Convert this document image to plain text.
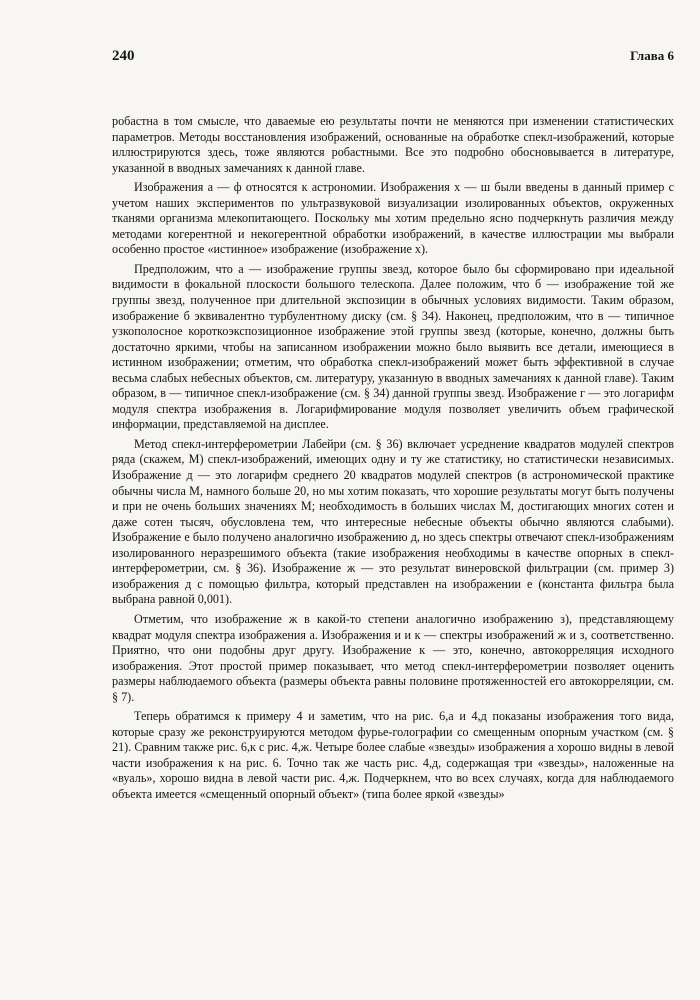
240	Глава 6

робастна в том смысле, что даваемые ею результаты почти не меняются при изменении статистических параметров. Методы восстановления изображений, основанные на обработке спекл-изображений, которые иллюстрируются здесь, тоже являются робастными. Все это подробно обосновывается в литературе, указанной в вводных замечаниях к данной главе.

Изображения а — ф относятся к астрономии. Изображения х — ш были введены в данный пример с учетом наших экспериментов по ультразвуковой визуализации изолированных объектов, окруженных тканями организма млекопитающего. Поскольку мы хотим предельно ясно подчеркнуть различия между методами когерентной и некогерентной обработки изображений, в качестве иллюстрации мы выбрали особенно простое «истинное» изображение (изображение х).

Предположим, что а — изображение группы звезд, которое было бы сформировано при идеальной видимости в фокальной плоскости большого телескопа. Далее положим, что б — изображение той же группы звезд, полученное при длительной экспозиции в обычных условиях видимости. Таким образом, изображение б эквивалентно турбулентному диску (см. § 34). Наконец, предположим, что в — типичное узкополосное короткоэкспозиционное изображение этой группы звезд (которые, конечно, должны быть достаточно яркими, чтобы на записанном изображении можно было выявить все детали, имеющиеся в истинном изображении; отметим, что обработка спекл-изображений может быть эффективной в случае весьма слабых небесных объектов, см. литературу, указанную в вводных замечаниях к данной главе). Таким образом, в — типичное спекл-изображение (см. § 34) данной группы звезд. Изображение г — это логарифм модуля спектра изображения в. Логарифмирование модуля позволяет увеличить объем графической информации, представляемой на дисплее.

Метод спекл-интерферометрии Лабейри (см. § 36) включает усреднение квадратов модулей спектров ряда (скажем, М) спекл-изображений, имеющих одну и ту же статистику, но статистически независимых. Изображение д — это логарифм среднего 20 квадратов модулей спектров (в астрономической практике обычны числа М, намного больше 20, но мы хотим показать, что хорошие результаты могут быть получены и при не очень больших значениях М; необходимость в больших числах М, достигающих многих сотен и даже сотен тысяч, обусловлена тем, что интересные небесные объекты обычно являются слабыми). Изображение е было получено аналогично изображению д, но здесь спектры отвечают спекл-изображениям изолированного неразрешимого объекта (такие изображения необходимы в качестве опорных в спекл-интерферометрии, см. § 36). Изображение ж — это результат винеровской фильтрации (см. пример 3) изображения д с помощью фильтра, который представлен на изображении е (константа фильтра была выбрана равной 0,001).

Отметим, что изображение ж в какой-то степени аналогично изображению з), представляющему квадрат модуля спектра изображения а. Изображения и и к — спектры изображений ж и з, соответственно. Приятно, что они подобны друг другу. Изображение к — это, конечно, автокорреляция исходного изображения. Этот простой пример показывает, что метод спекл-интерферометрии позволяет оценить размеры наблюдаемого объекта (размеры объекта равны половине протяженностей его автокорреляции, см. § 7).

Теперь обратимся к примеру 4 и заметим, что на рис. 6,а и 4,д показаны изображения того вида, которые сразу же реконструируются методом фурье-голографии со смещенным опорным участком (см. § 21). Сравним также рис. 6,к с рис. 4,ж. Четыре более слабые «звезды» изображения а хорошо видны в левой части изображения к на рис. 6. Точно так же часть рис. 4,д, содержащая три «звезды», наложенные на «вуаль», хорошо видна в левой части рис. 4,ж. Подчеркнем, что во всех случаях, когда для наблюдаемого объекта имеется «смещенный опорный объект» (типа более яркой «звезды»
